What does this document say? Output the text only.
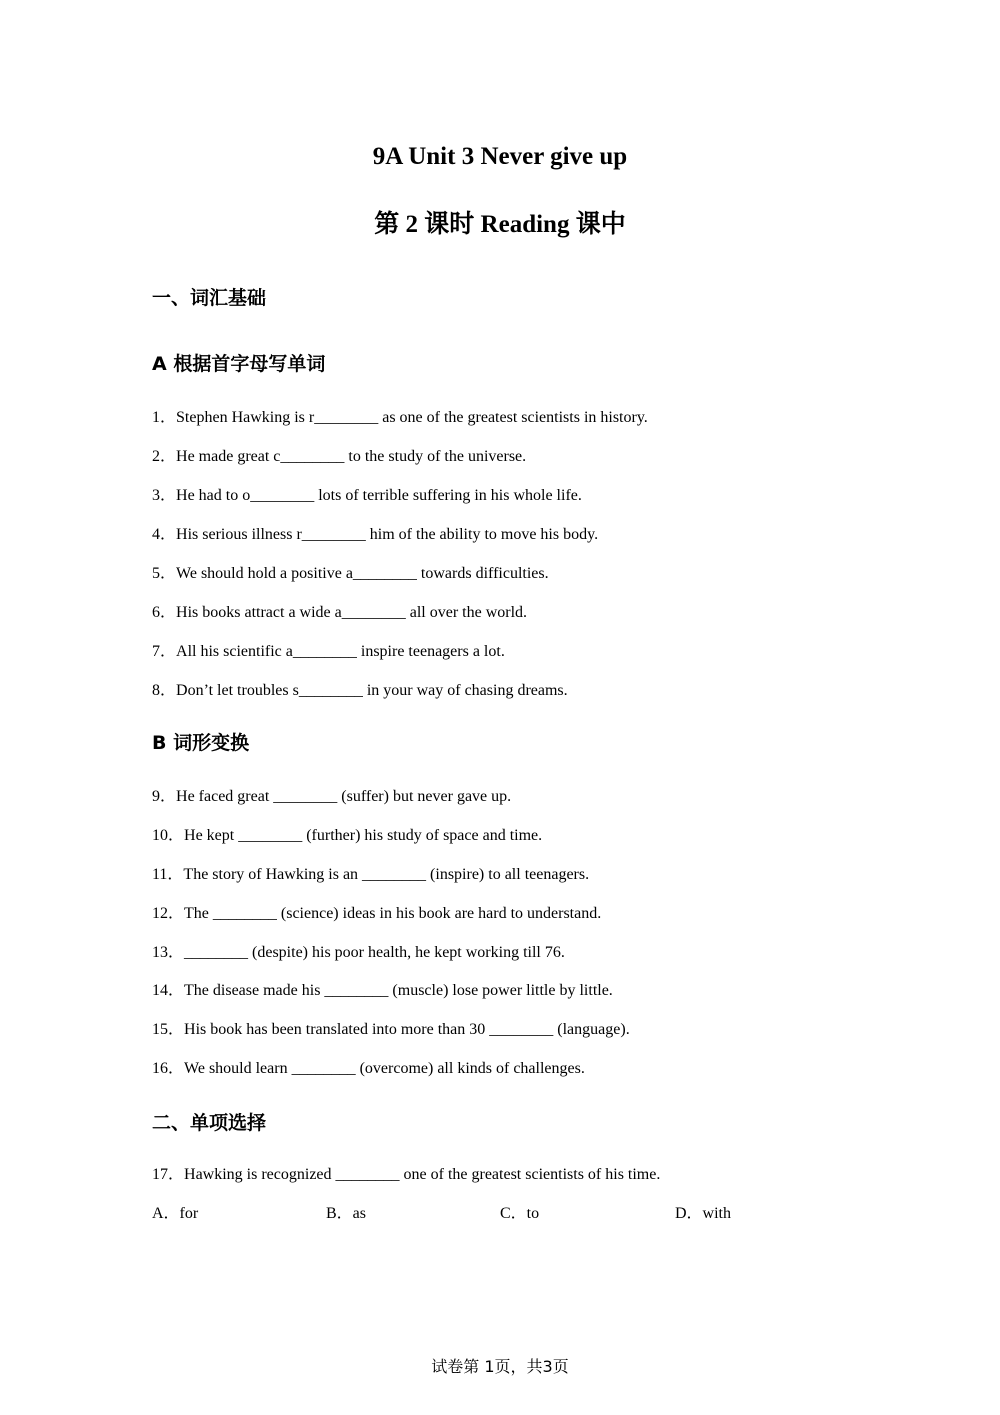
9A Unit 3 Never give up
第 2 课时 Reading 课中
一、词汇基础
A 根据首字母写单词
1．Stephen Hawking is r________ as one of the greatest scientists in history.
2．He made great c________ to the study of the universe.
3．He had to o________ lots of terrible suffering in his whole life.
4．His serious illness r________ him of the ability to move his body.
5．We should hold a positive a________ towards difficulties.
6．His books attract a wide a________ all over the world.
7．All his scientific a________ inspire teenagers a lot.
8．Don’t let troubles s________ in your way of chasing dreams.
B 词形变换
9．He faced great ________ (suffer) but never gave up.
10．He kept ________ (further) his study of space and time.
11．The story of Hawking is an ________ (inspire) to all teenagers.
12．The ________ (science) ideas in his book are hard to understand.
13．________ (despite) his poor health, he kept working till 76.
14．The disease made his ________ (muscle) lose power little by little.
15．His book has been translated into more than 30 ________ (language).
16．We should learn ________ (overcome) all kinds of challenges.
二、单项选择
17．Hawking is recognized ________ one of the greatest scientists of his time.
A．for	B．as	C．to	D．with
试卷第 1页，共3页
